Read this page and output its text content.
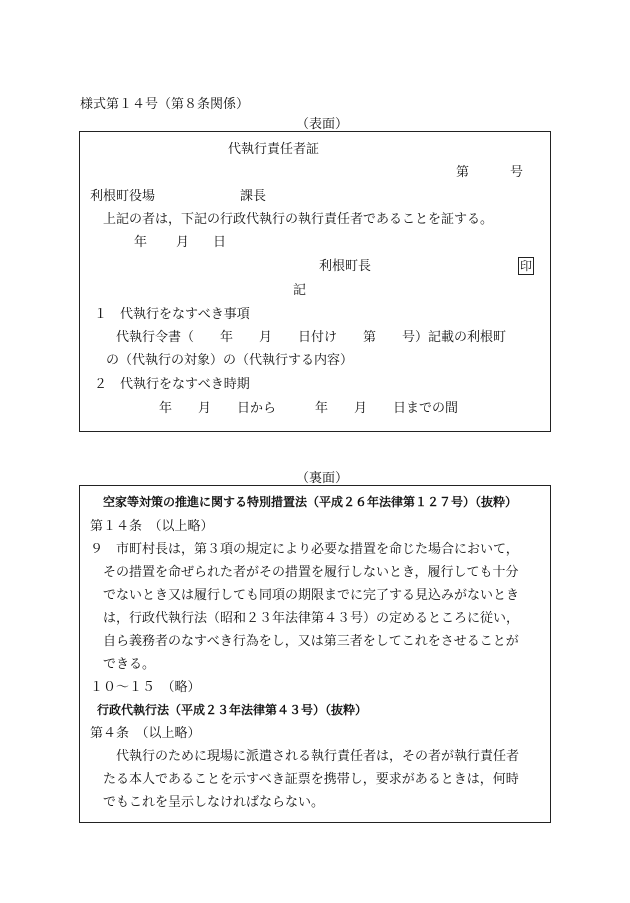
様式第１４号（第８条関係）
（表面）
代執行責任者証
第	号
利根町役場	課長
上記の者は，下記の行政代執行の執行責任者であることを証する。
年 月 日
利根町長	印
記
１　代執行をなすべき事項
代執行令書（　　年　　月　　日付け　　第　　号）記載の利根町
の（代執行の対象）の（代執行する内容）
２　代執行をなすべき時期
年　　月　　日から　　　年　　月　　日までの間
（裏面）
空家等対策の推進に関する特別措置法（平成２６年法律第１２７号）（抜粋）
第１４条　（以上略）
９　市町村長は，第３項の規定により必要な措置を命じた場合において，
その措置を命ぜられた者がその措置を履行しないとき，履行しても十分
でないとき又は履行しても同項の期限までに完了する見込みがないとき
は，行政代執行法（昭和２３年法律第４３号）の定めるところに従い，
自ら義務者のなすべき行為をし，又は第三者をしてこれをさせることが
できる。
１０～１５　（略）
行政代執行法（平成２３年法律第４３号）（抜粋）
第４条　（以上略）
代執行のために現場に派遣される執行責任者は，その者が執行責任者
たる本人であることを示すべき証票を携帯し，要求があるときは，何時
でもこれを呈示しなければならない。
